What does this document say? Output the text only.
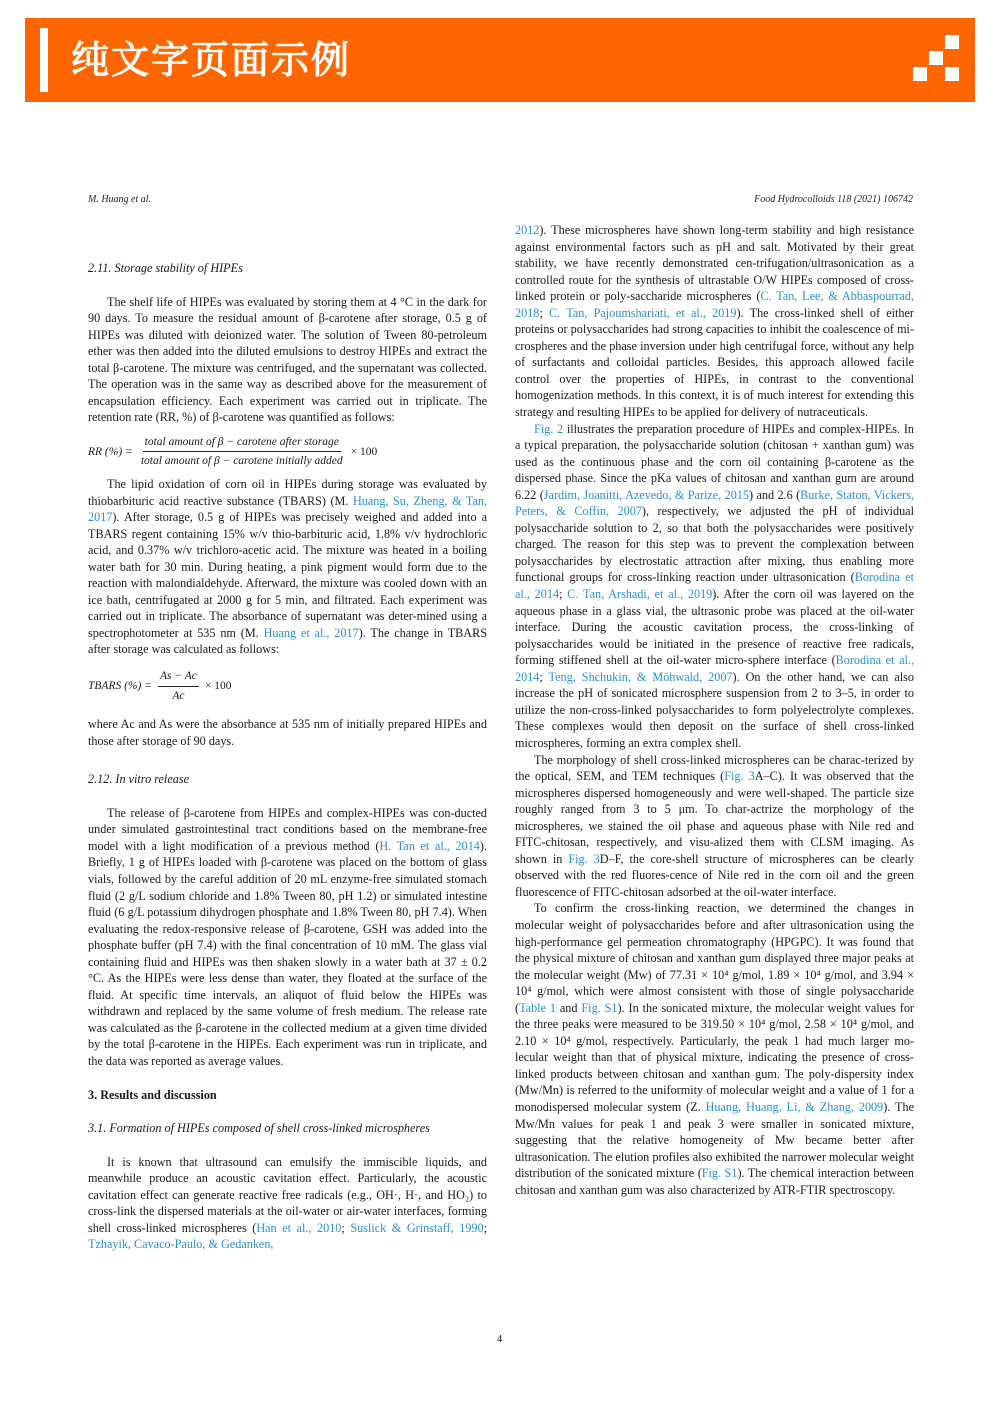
纯文字页面示例
M. Huang et al.	Food Hydrocolloids 118 (2021) 106742
2.11. Storage stability of HIPEs

The shelf life of HIPEs was evaluated by storing them at 4 °C in the dark for 90 days. To measure the residual amount of β-carotene after storage, 0.5 g of HIPEs was diluted with deionized water. The solution of Tween 80-petroleum ether was then added into the diluted emulsions to destroy HIPEs and extract the total β-carotene. The mixture was centrifuged, and the supernatant was collected. The operation was in the same way as described above for the measurement of encapsulation efficiency. Each experiment was carried out in triplicate. The retention rate (RR, %) of β-carotene was quantified as follows:

RR (%) = $\frac{\text{total amount of β − carotene after storage}}{\text{total amount of β − carotene initially added}} \times 100$

The lipid oxidation of corn oil in HIPEs during storage was evaluated by thiobarbituric acid reactive substance (TBARS) (M. Huang, Su, Zheng, & Tan, 2017). After storage, 0.5 g of HIPEs was precisely weighed and added into a TBARS regent containing 15% w/v thio-barbituric acid, 1.8% v/v hydrochloric acid, and 0.37% w/v trichloro-acetic acid. The mixture was heated in a boiling water bath for 30 min. During heating, a pink pigment would form due to the reaction with malondialdehyde. Afterward, the mixture was cooled down with an ice bath, centrifugated at 2000 g for 5 min, and filtrated. Each experiment was carried out in triplicate. The absorbance of supernatant was deter-mined using a spectrophotometer at 535 nm (M. Huang et al., 2017). The change in TBARS after storage was calculated as follows:

TBARS (%) = $\frac{As - Ac}{Ac} \times 100$

where Ac and As were the absorbance at 535 nm of initially prepared HIPEs and those after storage of 90 days.

2.12. In vitro release

The release of β-carotene from HIPEs and complex-HIPEs was con-ducted under simulated gastrointestinal tract conditions based on the membrane-free model with a light modification of a previous method (H. Tan et al., 2014). Briefly, 1 g of HIPEs loaded with β-carotene was placed on the bottom of glass vials, followed by the careful addition of 20 mL enzyme-free simulated stomach fluid (2 g/L sodium chloride and 1.8% Tween 80, pH 1.2) or simulated intestine fluid (6 g/L potassium dihydrogen phosphate and 1.8% Tween 80, pH 7.4). When evaluating the redox-responsive release of β-carotene, GSH was added into the phosphate buffer (pH 7.4) with the final concentration of 10 mM. The glass vial containing fluid and HIPEs was then shaken slowly in a water bath at 37 ± 0.2 °C. As the HIPEs were less dense than water, they floated at the surface of the fluid. At specific time intervals, an aliquot of fluid below the HIPEs was withdrawn and replaced by the same volume of fresh medium. The release rate was calculated as the β-carotene in the collected medium at a given time divided by the total β-carotene in the HIPEs. Each experiment was run in triplicate, and the data was reported as average values.

3. Results and discussion
3.1. Formation of HIPEs composed of shell cross-linked microspheres

It is known that ultrasound can emulsify the immiscible liquids, and meanwhile produce an acoustic cavitation effect. Particularly, the acoustic cavitation effect can generate reactive free radicals (e.g., OH·, H·, and HO₂) to cross-link the dispersed materials at the oil-water or air-water interfaces, forming shell cross-linked microspheres (Han et al., 2010; Suslick & Grinstaff, 1990; Tzhayik, Cavaco-Paulo, & Gedanken,

2012). These microspheres have shown long-term stability and high resistance against environmental factors such as pH and salt. Motivated by their great stability, we have recently demonstrated cen-trifugation/ultrasonication as a controlled route for the synthesis of ultrastable O/W HIPEs composed of cross-linked protein or poly-saccharide microspheres (C. Tan, Lee, & Abbaspourrad, 2018; C. Tan, Pajoumshariati, et al., 2019). The cross-linked shell of either proteins or polysaccharides had strong capacities to inhibit the coalescence of mi-crospheres and the phase inversion under high centrifugal force, without any help of surfactants and colloidal particles. Besides, this approach allowed facile control over the properties of HIPEs, in contrast to the conventional homogenization methods. In this context, it is of much interest for extending this strategy and resulting HIPEs to be applied for delivery of nutraceuticals.

Fig. 2 illustrates the preparation procedure of HIPEs and complex-HIPEs. In a typical preparation, the polysaccharide solution (chitosan + xanthan gum) was used as the continuous phase and the corn oil containing β-carotene as the dispersed phase. Since the pKa values of chitosan and xanthan gum are around 6.22 (Jardim, Joanitti, Azevedo, & Parize, 2015) and 2.6 (Burke, Staton, Vickers, Peters, & Coffin, 2007), respectively, we adjusted the pH of individual polysaccharide solution to 2, so that both the polysaccharides were positively charged. The reason for this step was to prevent the complexation between polysaccharides by electrostatic attraction after mixing, thus enabling more functional groups for cross-linking reaction under ultrasonication (Borodina et al., 2014; C. Tan, Arshadi, et al., 2019). After the corn oil was layered on the aqueous phase in a glass vial, the ultrasonic probe was placed at the oil-water interface. During the acoustic cavitation process, the cross-linking of polysaccharides would be initiated in the presence of reactive free radicals, forming stiffened shell at the oil-water micro-sphere interface (Borodina et al., 2014; Teng, Shchukin, & Möhwald, 2007). On the other hand, we can also increase the pH of sonicated microsphere suspension from 2 to 3–5, in order to utilize the non-cross-linked polysaccharides to form polyelectrolyte complexes. These complexes would then deposit on the surface of shell cross-linked microspheres, forming an extra complex shell.

The morphology of shell cross-linked microspheres can be charac-terized by the optical, SEM, and TEM techniques (Fig. 3A–C). It was observed that the microspheres dispersed homogeneously and were well-shaped. The particle size roughly ranged from 3 to 5 μm. To char-actrize the morphology of the microspheres, we stained the oil phase and aqueous phase with Nile red and FITC-chitosan, respectively, and visu-alized them with CLSM imaging. As shown in Fig. 3D–F, the core-shell structure of microspheres can be clearly observed with the red fluores-cence of Nile red in the corn oil and the green fluorescence of FITC-chitosan adsorbed at the oil-water interface.

To confirm the cross-linking reaction, we determined the changes in molecular weight of polysaccharides before and after ultrasonication using the high-performance gel permeation chromatography (HPGPC). It was found that the physical mixture of chitosan and xanthan gum displayed three major peaks at the molecular weight (Mw) of 77.31 × 10⁴ g/mol, 1.89 × 10⁴ g/mol, and 3.94 × 10⁴ g/mol, which were almost consistent with those of single polysaccharide (Table 1 and Fig. S1). In the sonicated mixture, the molecular weight values for the three peaks were measured to be 319.50 × 10⁴ g/mol, 2.58 × 10⁴ g/mol, and 2.10 × 10⁴ g/mol, respectively. Particularly, the peak 1 had much larger mo-lecular weight than that of physical mixture, indicating the presence of cross-linked products between chitosan and xanthan gum. The poly-dispersity index (Mw/Mn) is referred to the uniformity of molecular weight and a value of 1 for a monodispersed molecular system (Z. Huang, Huang, Li, & Zhang, 2009). The Mw/Mn values for peak 1 and peak 3 were smaller in sonicated mixture, suggesting that the relative homogeneity of Mw became better after ultrasonication. The elution profiles also exhibited the narrower molecular weight distribution of the sonicated mixture (Fig. S1). The chemical interaction between chitosan and xanthan gum was also characterized by ATR-FTIR spectroscopy.

4
